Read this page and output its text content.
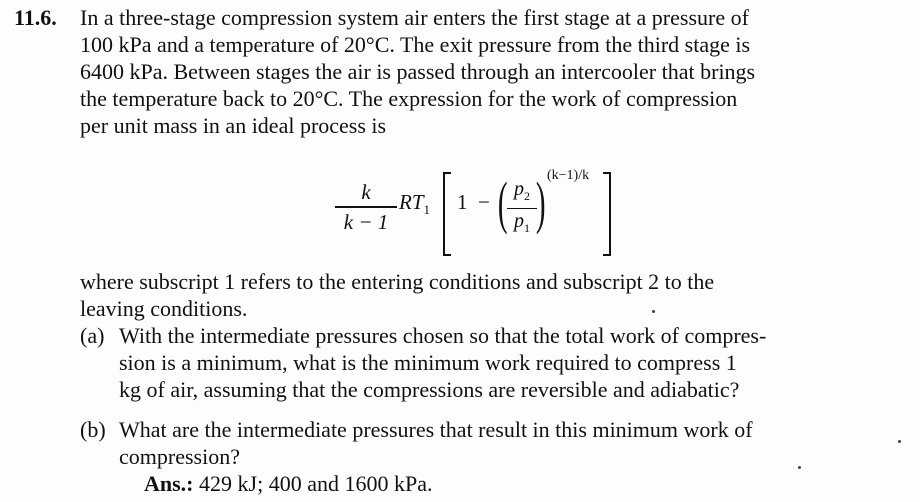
11.6. In a three-stage compression system air enters the first stage at a pressure of
100 kPa and a temperature of 20°C. The exit pressure from the third stage is
6400 kPa. Between stages the air is passed through an intercooler that brings
the temperature back to 20°C. The expression for the work of compression
per unit mass in an ideal process is
k
k − 1
$RT_1$ 1 − ( $p_2$
$p_1$ ) (k−1)/k
where subscript 1 refers to the entering conditions and subscript 2 to the
leaving conditions.
(a) With the intermediate pressures chosen so that the total work of compres-
sion is a minimum, what is the minimum work required to compress 1
kg of air, assuming that the compressions are reversible and adiabatic?
(b) What are the intermediate pressures that result in this minimum work of
compression?
Ans.: 429 kJ; 400 and 1600 kPa.
